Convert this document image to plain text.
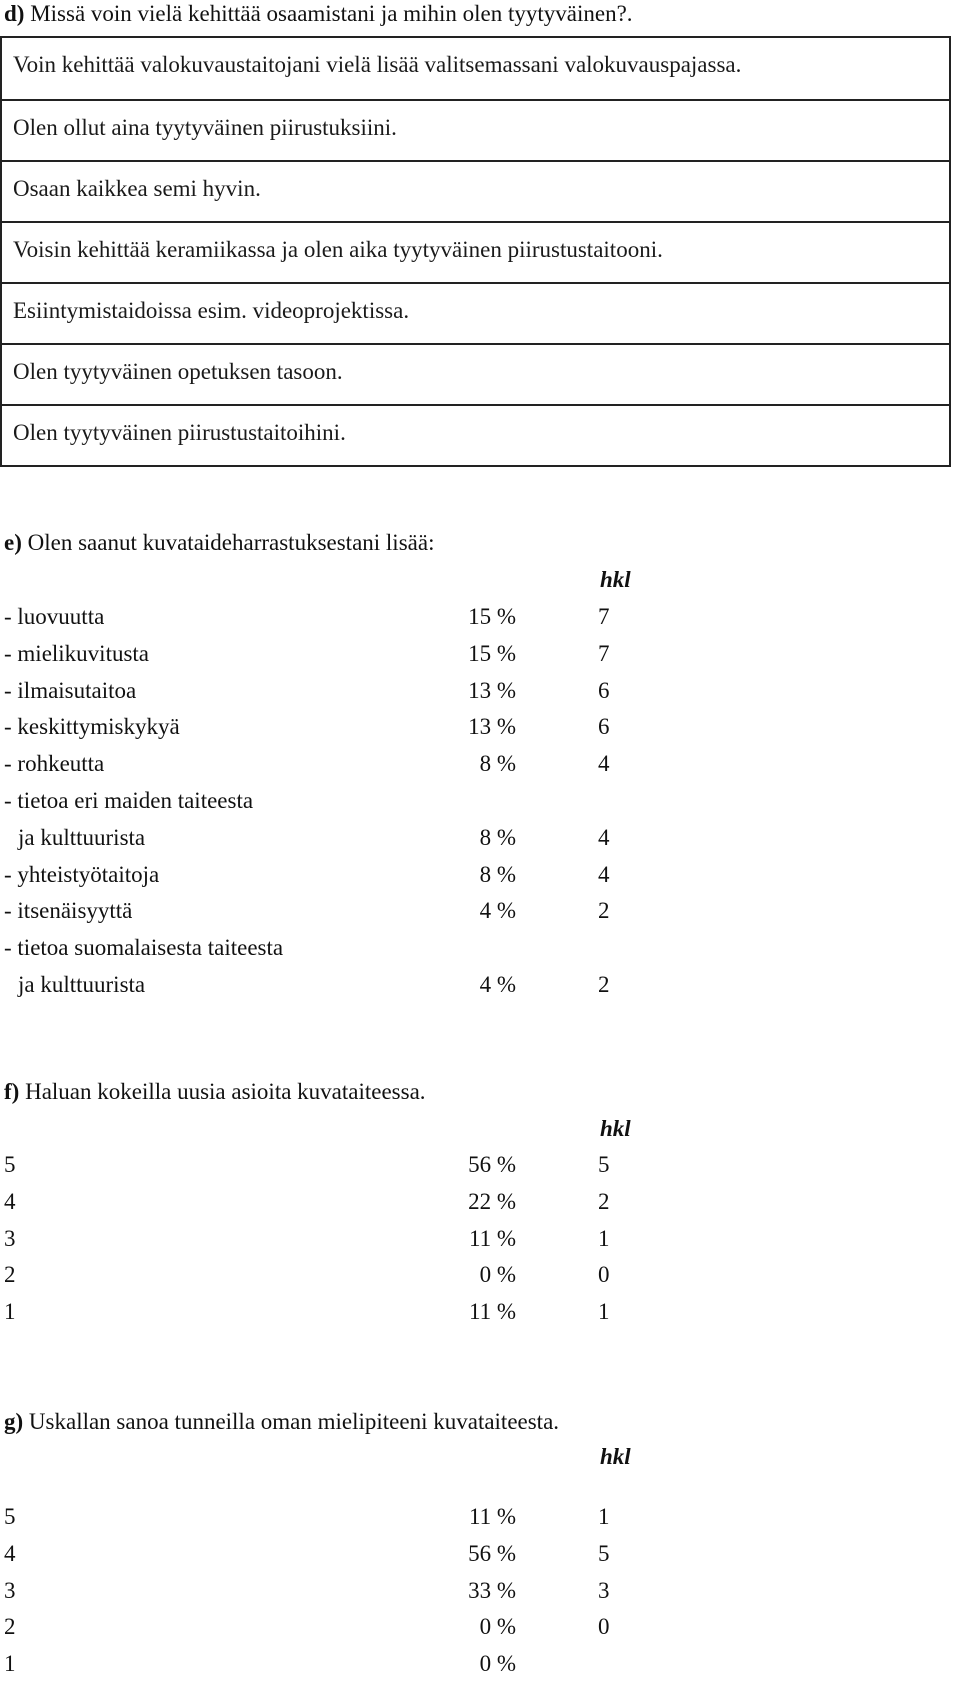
d) Missä voin vielä kehittää osaamistani ja mihin olen tyytyväinen?.
Voin kehittää valokuvaustaitojani vielä lisää valitsemassani valokuvauspajassa.
Olen ollut aina tyytyväinen piirustuksiini.
Osaan kaikkea semi hyvin.
Voisin kehittää keramiikassa ja olen aika tyytyväinen piirustustaitooni.
Esiintymistaidoissa esim. videoprojektissa.
Olen tyytyväinen opetuksen tasoon.
Olen tyytyväinen piirustustaitoihini.
e) Olen saanut kuvataideharrastuksestani lisää:
hkl
- luovuutta	15 %	7
- mielikuvitusta	15 %	7
- ilmaisutaitoa	13 %	6
- keskittymiskykyä	13 %	6
- rohkeutta	8 %	4
- tietoa eri maiden taiteesta
ja kulttuurista	8 %	4
- yhteistyötaitoja	8 %	4
- itsenäisyyttä	4 %	2
- tietoa suomalaisesta taiteesta
ja kulttuurista	4 %	2
f) Haluan kokeilla uusia asioita kuvataiteessa.
hkl
5	56 %	5
4	22 %	2
3	11 %	1
2	0 %	0
1	11 %	1
g) Uskallan sanoa tunneilla oman mielipiteeni kuvataiteesta.
hkl
5	11 %	1
4	56 %	5
3	33 %	3
2	0 %	0
1	0 %
